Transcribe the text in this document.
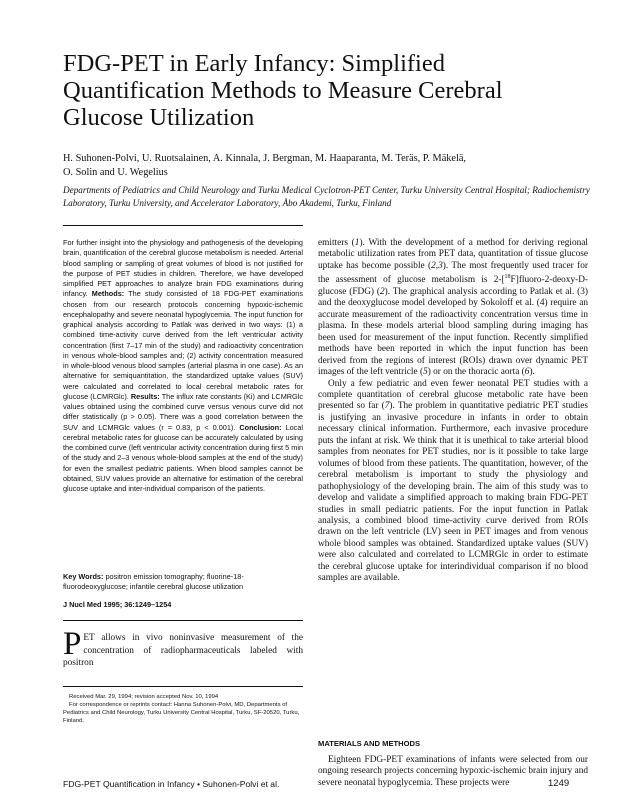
FDG-PET in Early Infancy: Simplified Quantification Methods to Measure Cerebral Glucose Utilization
H. Suhonen-Polvi, U. Ruotsalainen, A. Kinnala, J. Bergman, M. Haaparanta, M. Teräs, P. Mäkelä,
O. Solin and U. Wegelius

Departments of Pediatrics and Child Neurology and Turku Medical Cyclotron-PET Center, Turku University Central Hospital; Radiochemistry Laboratory, Turku University, and Accelerator Laboratory, Åbo Akademi, Turku, Finland

For further insight into the physiology and pathogenesis of the developing brain, quantification of the cerebral glucose metabolism is needed. Arterial blood sampling or sampling of great volumes of blood is not justified for the purpose of PET studies in children. Therefore, we have developed simplified PET approaches to analyze brain FDG examinations during infancy. Methods: The study consisted of 18 FDG-PET examinations chosen from our research protocols concerning hypoxic-ischemic encephalopathy and severe neonatal hypoglycemia. The input function for graphical analysis according to Patlak was derived in two ways: (1) a combined time-activity curve derived from the left ventricular activity concentration (first 7–17 min of the study) and radioactivity concentration in venous whole-blood samples and; (2) activity concentration measured in whole-blood venous blood samples (arterial plasma in one case). As an alternative for semiquantitation, the standardized uptake values (SUV) were calculated and correlated to local cerebral metabolic rates for glucose (LCMRGlc). Results: The influx rate constants (Ki) and LCMRGlc values obtained using the combined curve versus venous curve did not differ statistically (p > 0.05). There was a good correlation between the SUV and LCMRGlc values (r = 0.83, p < 0.001). Conclusion: Local cerebral metabolic rates for glucose can be accurately calculated by using the combined curve (left ventricular activity concentration during first 5 min of the study and 2–3 venous whole-blood samples at the end of the study) for even the smallest pediatric patients. When blood samples cannot be obtained, SUV values provide an alternative for estimation of the cerebral glucose uptake and inter-individual comparison of the patients.

Key Words: positron emission tomography; fluorine-18-fluorodeoxyglucose; infantile cerebral glucose utilization

J Nucl Med 1995; 36:1249–1254

PET allows in vivo noninvasive measurement of the concentration of radiopharmaceuticals labeled with positron

Received Mar. 29, 1994; revision accepted Nov. 10, 1994

For correspondence or reprints contact: Hanna Suhonen-Polvi, MD, Departments of Pediatrics and Child Neurology, Turku University Central Hospital, Turku, SF-20520, Turku, Finland.

emitters (1). With the development of a method for deriving regional metabolic utilization rates from PET data, quantitation of tissue glucose uptake has become possible (2,3). The most frequently used tracer for the assessment of glucose metabolism is 2-[$^{18}$F]fluoro-2-deoxy-D-glucose (FDG) (2). The graphical analysis according to Patlak et al. (3) and the deoxyglucose model developed by Sokoloff et al. (4) require an accurate measurement of the radioactivity concentration versus time in plasma. In these models arterial blood sampling during imaging has been used for measurement of the input function. Recently simplified methods have been reported in which the input function has been derived from the regions of interest (ROIs) drawn over dynamic PET images of the left ventricle (5) or on the thoracic aorta (6).

Only a few pediatric and even fewer neonatal PET studies with a complete quantitation of cerebral glucose metabolic rate have been presented so far (7). The problem in quantitative pediatric PET studies is justifying an invasive procedure in infants in order to obtain necessary clinical information. Furthermore, each invasive procedure puts the infant at risk. We think that it is unethical to take arterial blood samples from neonates for PET studies, nor is it possible to take large volumes of blood from these patients. The quantitation, however, of the cerebral metabolism is important to study the physiology and pathophysiology of the developing brain. The aim of this study was to develop and validate a simplified approach to making brain FDG-PET studies in small pediatric patients. For the input function in Patlak analysis, a combined blood time-activity curve derived from ROIs drawn on the left ventricle (LV) seen in PET images and from venous whole blood samples was obtained. Standardized uptake values (SUV) were also calculated and correlated to LCMRGlc in order to estimate the cerebral glucose uptake for interindividual comparison if no blood samples are available.

MATERIALS AND METHODS

Eighteen FDG-PET examinations of infants were selected from our ongoing research projects concerning hypoxic-ischemic brain injury and severe neonatal hypoglycemia. These projects were

FDG-PET Quantification in Infancy • Suhonen-Polvi et al.	1249
